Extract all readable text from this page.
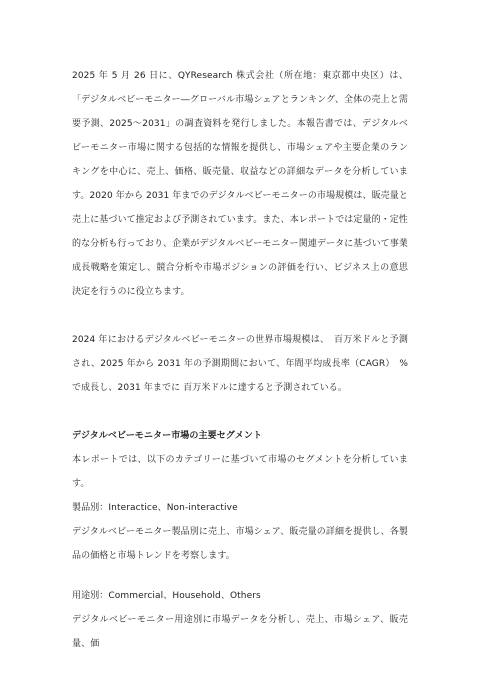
2025 年 5 月 26 日に、QYResearch 株式会社（所在地：東京都中央区）は、「デジタルベビーモニター―グローバル市場シェアとランキング、全体の売上と需要予測、2025～2031」の調査資料を発行しました。本報告書では、デジタルベビーモニター市場に関する包括的な情報を提供し、市場シェアや主要企業のランキングを中心に、売上、価格、販売量、収益などの詳細なデータを分析しています。2020 年から 2031 年までのデジタルベビーモニターの市場規模は、販売量と売上に基づいて推定および予測されています。また、本レポートでは定量的・定性的な分析も行っており、企業がデジタルベビーモニター関連データに基づいて事業成長戦略を策定し、競合分析や市場ポジションの評価を行い、ビジネス上の意思決定を行うのに役立ちます。

2024 年におけるデジタルベビーモニターの世界市場規模は、　百万米ドルと予測され、2025 年から 2031 年の予測期間において、年間平均成長率（CAGR）　%で成長し、2031 年までに 百万米ドルに達すると予測されている。

デジタルベビーモニター市場の主要セグメント

本レポートでは、以下のカテゴリーに基づいて市場のセグメントを分析しています。

製品別：Interactice、Non-interactive

デジタルベビーモニター製品別に売上、市場シェア、販売量の詳細を提供し、各製品の価格と市場トレンドを考察します。

用途別：Commercial、Household、Others

デジタルベビーモニター用途別に市場データを分析し、売上、市場シェア、販売量、価
